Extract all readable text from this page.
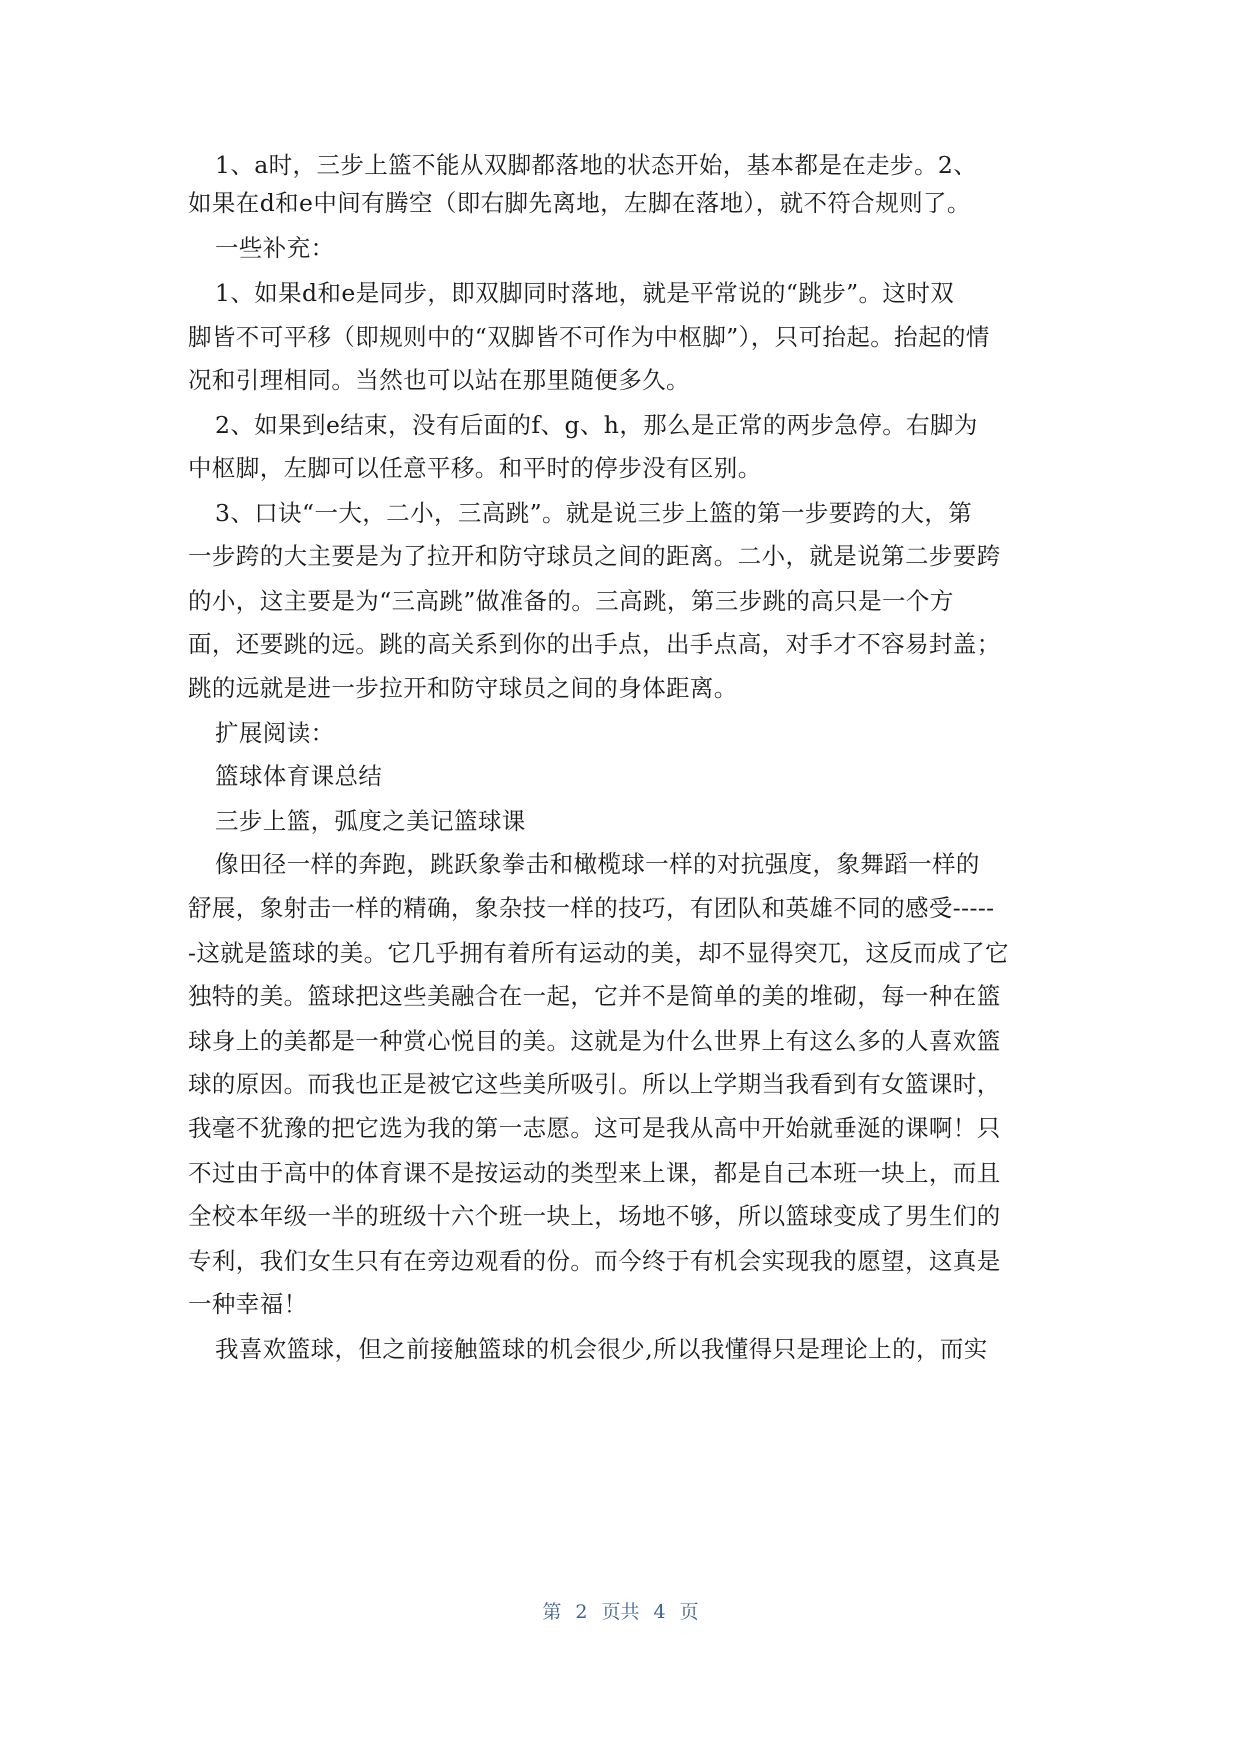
1、a时，三步上篮不能从双脚都落地的状态开始，基本都是在走步。2、
如果在d和e中间有腾空（即右脚先离地，左脚在落地），就不符合规则了。
一些补充：
1、如果d和e是同步，即双脚同时落地，就是平常说的“跳步”。这时双
脚皆不可平移（即规则中的“双脚皆不可作为中枢脚”），只可抬起。抬起的情
况和引理相同。当然也可以站在那里随便多久。
2、如果到e结束，没有后面的f、g、h，那么是正常的两步急停。右脚为
中枢脚，左脚可以任意平移。和平时的停步没有区别。
3、口诀“一大，二小，三高跳”。就是说三步上篮的第一步要跨的大，第
一步跨的大主要是为了拉开和防守球员之间的距离。二小，就是说第二步要跨
的小，这主要是为“三高跳”做准备的。三高跳，第三步跳的高只是一个方
面，还要跳的远。跳的高关系到你的出手点，出手点高，对手才不容易封盖；
跳的远就是进一步拉开和防守球员之间的身体距离。
扩展阅读：
篮球体育课总结
三步上篮，弧度之美记篮球课
像田径一样的奔跑，跳跃象拳击和橄榄球一样的对抗强度，象舞蹈一样的
舒展，象射击一样的精确，象杂技一样的技巧，有团队和英雄不同的感受-----
-这就是篮球的美。它几乎拥有着所有运动的美，却不显得突兀，这反而成了它
独特的美。篮球把这些美融合在一起，它并不是简单的美的堆砌，每一种在篮
球身上的美都是一种赏心悦目的美。这就是为什么世界上有这么多的人喜欢篮
球的原因。而我也正是被它这些美所吸引。所以上学期当我看到有女篮课时，
我毫不犹豫的把它选为我的第一志愿。这可是我从高中开始就垂涎的课啊！只
不过由于高中的体育课不是按运动的类型来上课，都是自己本班一块上，而且
全校本年级一半的班级十六个班一块上，场地不够，所以篮球变成了男生们的
专利，我们女生只有在旁边观看的份。而今终于有机会实现我的愿望，这真是
一种幸福！
我喜欢篮球，但之前接触篮球的机会很少,所以我懂得只是理论上的，而实
第 2 页共 4 页
